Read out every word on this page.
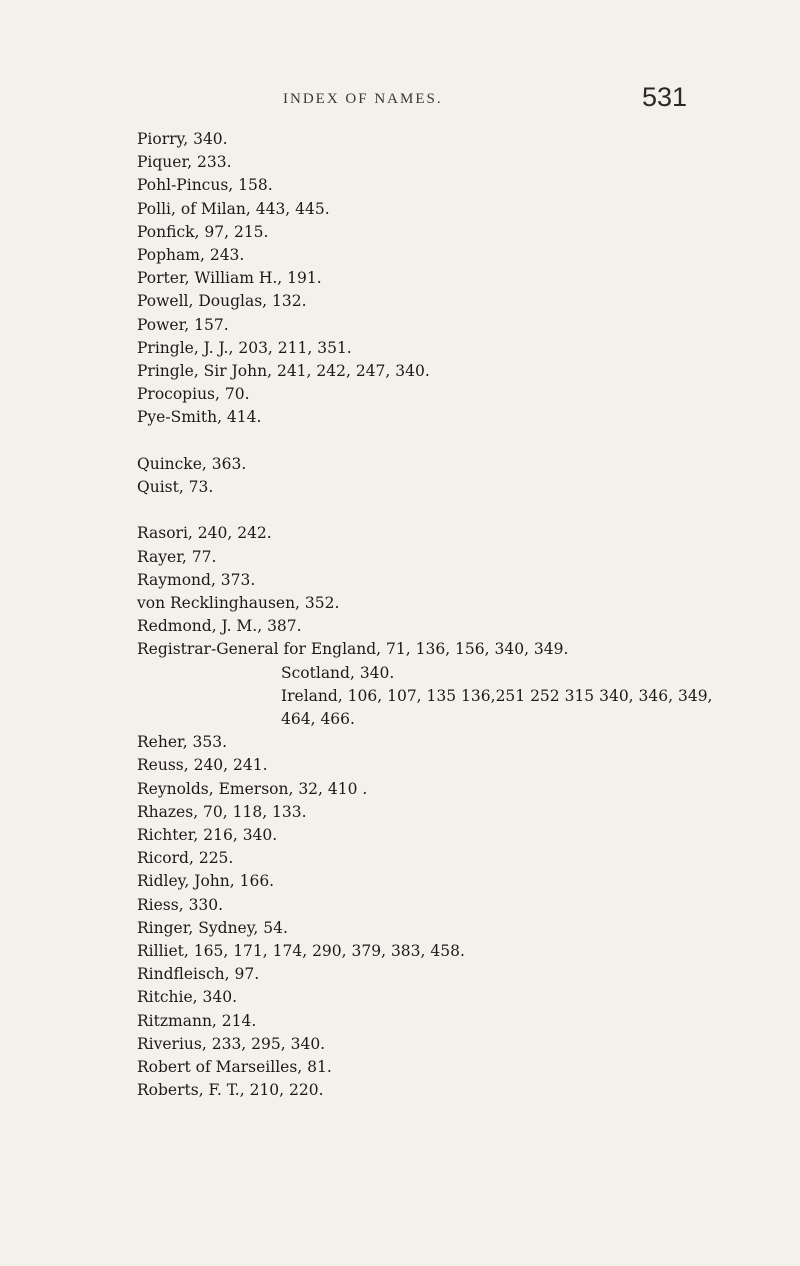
INDEX OF NAMES.	531
Piorry, 340.
Piquer, 233.
Pohl-Pincus, 158.
Polli, of Milan, 443, 445.
Ponfick, 97, 215.
Popham, 243.
Porter, William H., 191.
Powell, Douglas, 132.
Power, 157.
Pringle, J. J., 203, 211, 351.
Pringle, Sir John, 241, 242, 247, 340.
Procopius, 70.
Pye-Smith, 414.
Quincke, 363.
Quist, 73.
Rasori, 240, 242.
Rayer, 77.
Raymond, 373.
von Recklinghausen, 352.
Redmond, J. M., 387.
Registrar-General for England, 71, 136, 156, 340, 349.
Scotland, 340.
Ireland, 106, 107, 135 136,251 252 315 340, 346, 349,
464, 466.
Reher, 353.
Reuss, 240, 241.
Reynolds, Emerson, 32, 410 .
Rhazes, 70, 118, 133.
Richter, 216, 340.
Ricord, 225.
Ridley, John, 166.
Riess, 330.
Ringer, Sydney, 54.
Rilliet, 165, 171, 174, 290, 379, 383, 458.
Rindfleisch, 97.
Ritchie, 340.
Ritzmann, 214.
Riverius, 233, 295, 340.
Robert of Marseilles, 81.
Roberts, F. T., 210, 220.
